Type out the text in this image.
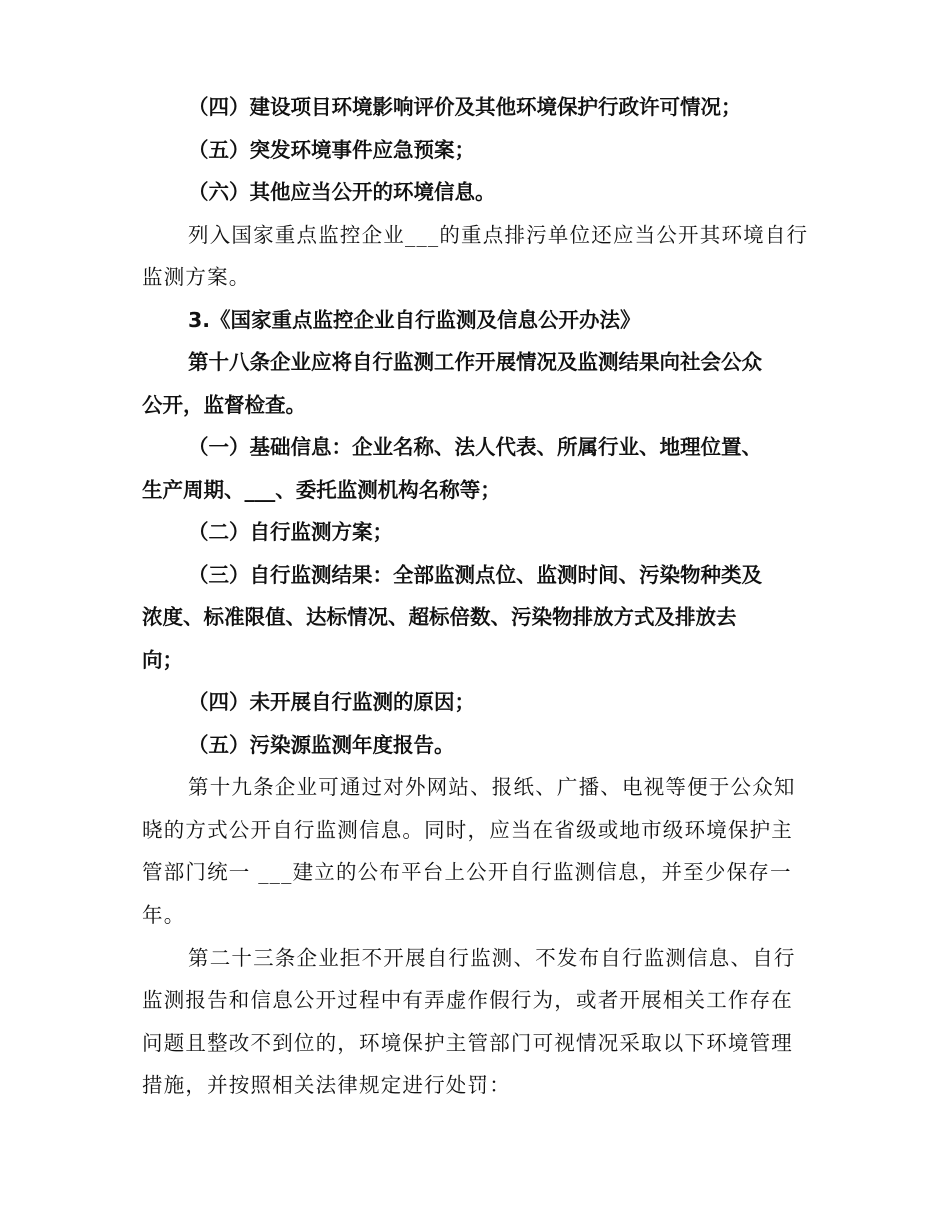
（四）建设项目环境影响评价及其他环境保护行政许可情况；
（五）突发环境事件应急预案；
（六）其他应当公开的环境信息。
列入国家重点监控企业___的重点排污单位还应当公开其环境自行
监测方案。
3.《国家重点监控企业自行监测及信息公开办法》
第十八条企业应将自行监测工作开展情况及监测结果向社会公众
公开，监督检查。
（一）基础信息：企业名称、法人代表、所属行业、地理位置、
生产周期、___、委托监测机构名称等；
（二）自行监测方案；
（三）自行监测结果：全部监测点位、监测时间、污染物种类及
浓度、标准限值、达标情况、超标倍数、污染物排放方式及排放去
向；
（四）未开展自行监测的原因；
（五）污染源监测年度报告。
第十九条企业可通过对外网站、报纸、广播、电视等便于公众知
晓的方式公开自行监测信息。同时，应当在省级或地市级环境保护主
管部门统一 ___建立的公布平台上公开自行监测信息，并至少保存一
年。
第二十三条企业拒不开展自行监测、不发布自行监测信息、自行
监测报告和信息公开过程中有弄虚作假行为，或者开展相关工作存在
问题且整改不到位的，环境保护主管部门可视情况采取以下环境管理
措施，并按照相关法律规定进行处罚：
